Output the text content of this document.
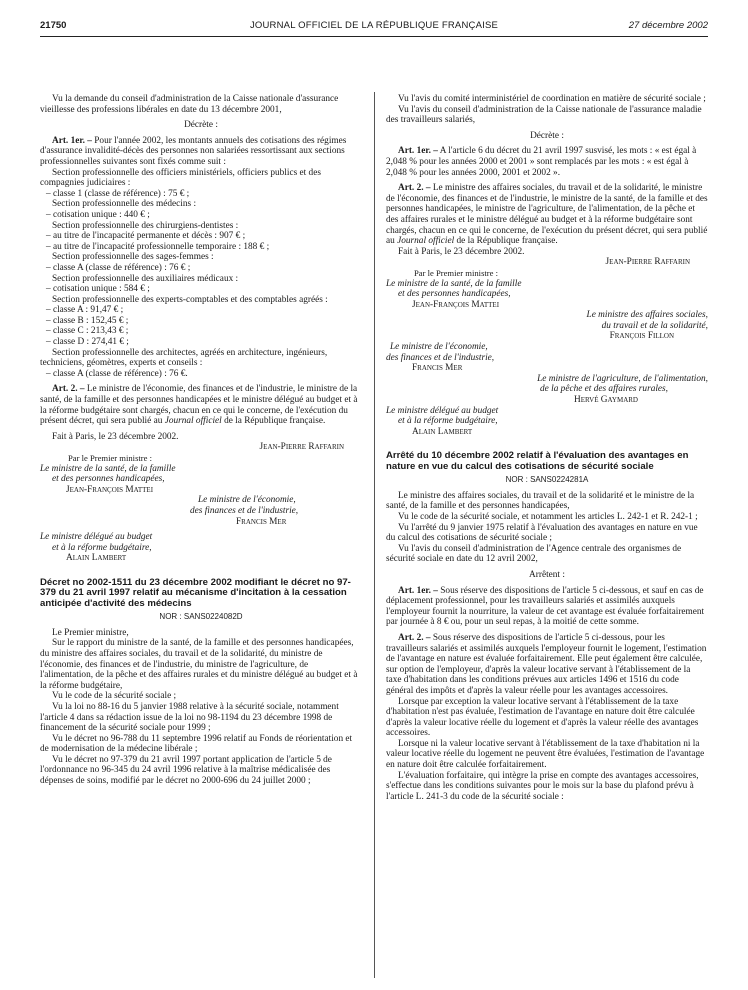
21750	JOURNAL OFFICIEL DE LA RÉPUBLIQUE FRANÇAISE	27 décembre 2002

Vu la demande du conseil d'administration de la Caisse nationale d'assurance vieillesse des professions libérales en date du 13 décembre 2001,

Décrète :

Art. 1er. – Pour l'année 2002, les montants annuels des cotisations des régimes d'assurance invalidité-décès des personnes non salariées ressortissant aux sections professionnelles suivantes sont fixés comme suit :

Section professionnelle des officiers ministériels, officiers publics et des compagnies judiciaires :

– classe 1 (classe de référence) : 75 € ;

Section professionnelle des médecins :

– cotisation unique : 440 € ;

Section professionnelle des chirurgiens-dentistes :

– au titre de l'incapacité permanente et décès : 907 € ;

– au titre de l'incapacité professionnelle temporaire : 188 € ;

Section professionnelle des sages-femmes :

– classe A (classe de référence) : 76 € ;

Section professionnelle des auxiliaires médicaux :

– cotisation unique : 584 € ;

Section professionnelle des experts-comptables et des comptables agréés :

– classe A : 91,47 € ;

– classe B : 152,45 € ;

– classe C : 213,43 € ;

– classe D : 274,41 € ;

Section professionnelle des architectes, agréés en architecture, ingénieurs, techniciens, géomètres, experts et conseils :

– classe A (classe de référence) : 76 €.

Art. 2. – Le ministre de l'économie, des finances et de l'industrie, le ministre de la santé, de la famille et des personnes handicapées et le ministre délégué au budget et à la réforme budgétaire sont chargés, chacun en ce qui le concerne, de l'exécution du présent décret, qui sera publié au Journal officiel de la République française.

Fait à Paris, le 23 décembre 2002.

Jean-Pierre Raffarin

Par le Premier ministre :

Le ministre de la santé, de la famille

et des personnes handicapées,

Jean-François Mattei

Le ministre de l'économie,

des finances et de l'industrie,

Francis Mer

Le ministre délégué au budget

et à la réforme budgétaire,

Alain Lambert

Décret no 2002-1511 du 23 décembre 2002 modifiant le décret no 97-379 du 21 avril 1997 relatif au mécanisme d'incitation à la cessation anticipée d'activité des médecins

NOR : SANS0224082D

Le Premier ministre,

Sur le rapport du ministre de la santé, de la famille et des personnes handicapées, du ministre des affaires sociales, du travail et de la solidarité, du ministre de l'économie, des finances et de l'industrie, du ministre de l'agriculture, de l'alimentation, de la pêche et des affaires rurales et du ministre délégué au budget et à la réforme budgétaire,

Vu le code de la sécurité sociale ;

Vu la loi no 88-16 du 5 janvier 1988 relative à la sécurité sociale, notamment l'article 4 dans sa rédaction issue de la loi no 98-1194 du 23 décembre 1998 de financement de la sécurité sociale pour 1999 ;

Vu le décret no 96-788 du 11 septembre 1996 relatif au Fonds de réorientation et de modernisation de la médecine libérale ;

Vu le décret no 97-379 du 21 avril 1997 portant application de l'article 5 de l'ordonnance no 96-345 du 24 avril 1996 relative à la maîtrise médicalisée des dépenses de soins, modifié par le décret no 2000-696 du 24 juillet 2000 ;

Vu l'avis du comité interministériel de coordination en matière de sécurité sociale ;

Vu l'avis du conseil d'administration de la Caisse nationale de l'assurance maladie des travailleurs salariés,

Décrète :

Art. 1er. – A l'article 6 du décret du 21 avril 1997 susvisé, les mots : « est égal à 2,048 % pour les années 2000 et 2001 » sont remplacés par les mots : « est égal à 2,048 % pour les années 2000, 2001 et 2002 ».

Art. 2. – Le ministre des affaires sociales, du travail et de la solidarité, le ministre de l'économie, des finances et de l'industrie, le ministre de la santé, de la famille et des personnes handicapées, le ministre de l'agriculture, de l'alimentation, de la pêche et des affaires rurales et le ministre délégué au budget et à la réforme budgétaire sont chargés, chacun en ce qui le concerne, de l'exécution du présent décret, qui sera publié au Journal officiel de la République française.

Fait à Paris, le 23 décembre 2002.

Jean-Pierre Raffarin

Par le Premier ministre :

Le ministre de la santé, de la famille

et des personnes handicapées,

Jean-François Mattei

Le ministre des affaires sociales,

du travail et de la solidarité,

François Fillon

Le ministre de l'économie,

des finances et de l'industrie,

Francis Mer

Le ministre de l'agriculture, de l'alimentation,

de la pêche et des affaires rurales,

Hervé Gaymard

Le ministre délégué au budget

et à la réforme budgétaire,

Alain Lambert

Arrêté du 10 décembre 2002 relatif à l'évaluation des avantages en nature en vue du calcul des cotisations de sécurité sociale

NOR : SANS0224281A

Le ministre des affaires sociales, du travail et de la solidarité et le ministre de la santé, de la famille et des personnes handicapées,

Vu le code de la sécurité sociale, et notamment les articles L. 242-1 et R. 242-1 ;

Vu l'arrêté du 9 janvier 1975 relatif à l'évaluation des avantages en nature en vue du calcul des cotisations de sécurité sociale ;

Vu l'avis du conseil d'administration de l'Agence centrale des organismes de sécurité sociale en date du 12 avril 2002,

Arrêtent :

Art. 1er. – Sous réserve des dispositions de l'article 5 ci-dessous, et sauf en cas de déplacement professionnel, pour les travailleurs salariés et assimilés auxquels l'employeur fournit la nourriture, la valeur de cet avantage est évaluée forfaitairement par journée à 8 € ou, pour un seul repas, à la moitié de cette somme.

Art. 2. – Sous réserve des dispositions de l'article 5 ci-dessous, pour les travailleurs salariés et assimilés auxquels l'employeur fournit le logement, l'estimation de l'avantage en nature est évaluée forfaitairement. Elle peut également être calculée, sur option de l'employeur, d'après la valeur locative servant à l'établissement de la taxe d'habitation dans les conditions prévues aux articles 1496 et 1516 du code général des impôts et d'après la valeur réelle pour les avantages accessoires.

Lorsque par exception la valeur locative servant à l'établissement de la taxe d'habitation n'est pas évaluée, l'estimation de l'avantage en nature doit être calculée d'après la valeur locative réelle du logement et d'après la valeur réelle des avantages accessoires.

Lorsque ni la valeur locative servant à l'établissement de la taxe d'habitation ni la valeur locative réelle du logement ne peuvent être évaluées, l'estimation de l'avantage en nature doit être calculée forfaitairement.

L'évaluation forfaitaire, qui intègre la prise en compte des avantages accessoires, s'effectue dans les conditions suivantes pour le mois sur la base du plafond prévu à l'article L. 241-3 du code de la sécurité sociale :
